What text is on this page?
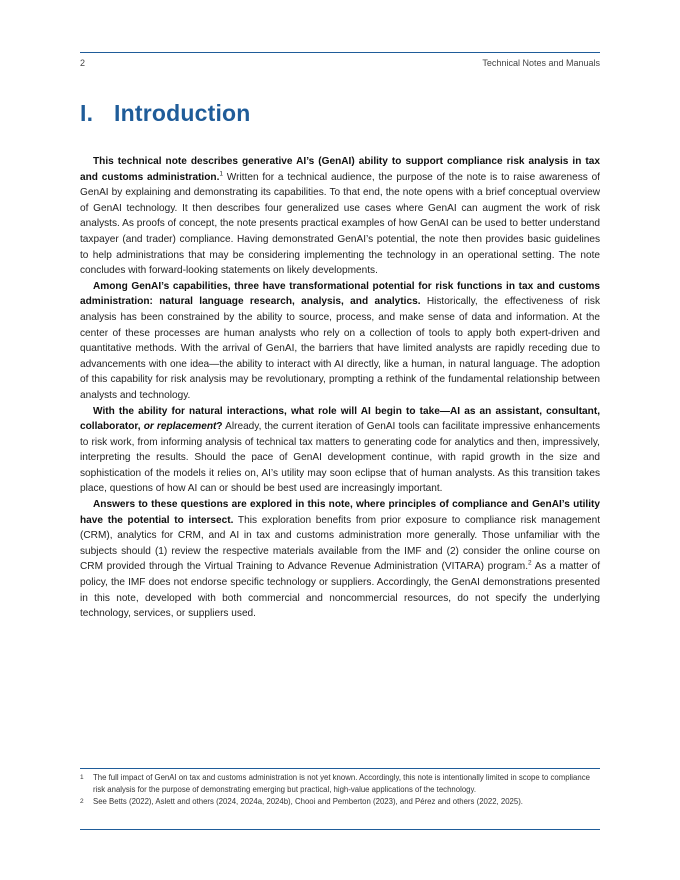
2	Technical Notes and Manuals
I. Introduction

This technical note describes generative AI’s (GenAI) ability to support compliance risk analysis in tax and customs administration.$^1$ Written for a technical audience, the purpose of the note is to raise awareness of GenAI by explaining and demonstrating its capabilities. To that end, the note opens with a brief conceptual overview of GenAI technology. It then describes four generalized use cases where GenAI can augment the work of risk analysts. As proofs of concept, the note presents practical examples of how GenAI can be used to better understand taxpayer (and trader) compliance. Having demonstrated GenAI’s potential, the note then provides basic guidelines to help administrations that may be considering implementing the technology in an operational setting. The note concludes with forward-looking statements on likely developments.

Among GenAI’s capabilities, three have transformational potential for risk functions in tax and customs administration: natural language research, analysis, and analytics. Historically, the effectiveness of risk analysis has been constrained by the ability to source, process, and make sense of data and information. At the center of these processes are human analysts who rely on a collection of tools to apply both expert-driven and quantitative methods. With the arrival of GenAI, the barriers that have limited analysts are rapidly receding due to advancements with one idea—the ability to interact with AI directly, like a human, in natural language. The adoption of this capability for risk analysis may be revolutionary, prompting a rethink of the fundamental relationship between analysts and technology.

With the ability for natural interactions, what role will AI begin to take—AI as an assistant, consultant, collaborator, or replacement? Already, the current iteration of GenAI tools can facilitate impressive enhancements to risk work, from informing analysis of technical tax matters to generating code for analytics and then, impressively, interpreting the results. Should the pace of GenAI development continue, with rapid growth in the size and sophistication of the models it relies on, AI’s utility may soon eclipse that of human analysts. As this transition takes place, questions of how AI can or should be best used are increasingly important.

Answers to these questions are explored in this note, where principles of compliance and GenAI’s utility have the potential to intersect. This exploration benefits from prior exposure to compliance risk management (CRM), analytics for CRM, and AI in tax and customs administration more generally. Those unfamiliar with the subjects should (1) review the respective materials available from the IMF and (2) consider the online course on CRM provided through the Virtual Training to Advance Revenue Administration (VITARA) program.$^2$ As a matter of policy, the IMF does not endorse specific technology or suppliers. Accordingly, the GenAI demonstrations presented in this note, developed with both commercial and noncommercial resources, do not specify the underlying technology, services, or suppliers used.

1 The full impact of GenAI on tax and customs administration is not yet known. Accordingly, this note is intentionally limited in scope to compliance risk analysis for the purpose of demonstrating emerging but practical, high-value applications of the technology.
2 See Betts (2022), Aslett and others (2024, 2024a, 2024b), Chooi and Pemberton (2023), and Pérez and others (2022, 2025).
